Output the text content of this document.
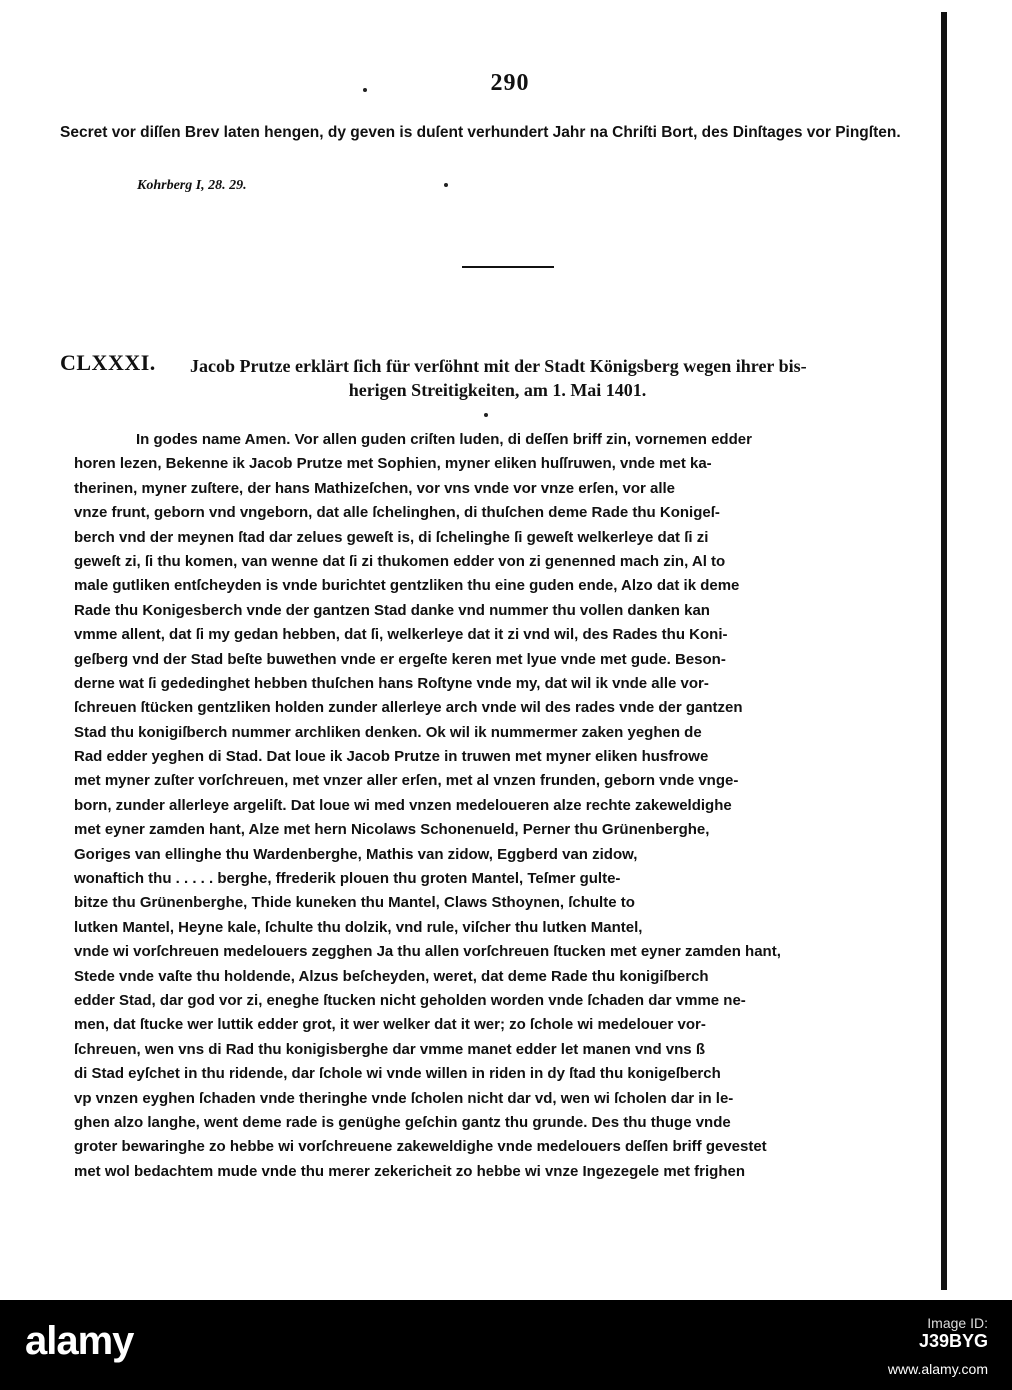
290
Secret vor diſſen Brev laten hengen, dy geven is duſent verhundert Jahr na Chriſti Bort, des Dinſtages vor Pingſten.
Kohrberg I, 28. 29.
CLXXXI. Jacob Prutze erklärt ſich für verſöhnt mit der Stadt Königsberg wegen ihrer bis-
herigen Streitigkeiten, am 1. Mai 1401.
In godes name Amen. Vor allen guden criſten luden, di deſſen briff zin, vornemen edder
horen lezen, Bekenne ik Jacob Prutze met Sophien, myner eliken huſſruwen, vnde met ka-
therinen, myner zuſtere, der hans Mathizeſchen, vor vns vnde vor vnze erſen, vor alle
vnze frunt, geborn vnd vngeborn, dat alle ſchelinghen, di thuſchen deme Rade thu Konigeſ-
berch vnd der meynen ſtad dar zelues geweſt is, di ſchelinghe ſi geweſt welkerleye dat ſi zi
geweſt zi, ſi thu komen, van wenne dat ſi zi thukomen edder von zi genenned mach zin, Al to
male gutliken entſcheyden is vnde burichtet gentzliken thu eine guden ende, Alzo dat ik deme
Rade thu Konigesberch vnde der gantzen Stad danke vnd nummer thu vollen danken kan
vmme allent, dat ſi my gedan hebben, dat ſi, welkerleye dat it zi vnd wil, des Rades thu Koni-
geſberg vnd der Stad beſte buwethen vnde er ergeſte keren met lyue vnde met gude. Beson-
derne wat ſi gededinghet hebben thuſchen hans Roſtyne vnde my, dat wil ik vnde alle vor-
ſchreuen ſtücken gentzliken holden zunder allerleye arch vnde wil des rades vnde der gantzen
Stad thu konigiſberch nummer archliken denken. Ok wil ik nummermer zaken yeghen de
Rad edder yeghen di Stad. Dat loue ik Jacob Prutze in truwen met myner eliken husfrowe
met myner zuſter vorſchreuen, met vnzer aller erſen, met al vnzen frunden, geborn vnde vnge-
born, zunder allerleye argeliſt. Dat loue wi med vnzen medeloueren alze rechte zakeweldighe
met eyner zamden hant, Alze met hern Nicolaws Schonenueld, Perner thu Grünenberghe,
Goriges van ellinghe thu Wardenberghe, Mathis van zidow, Eggberd van zidow,
wonaftich thu . . . . . berghe, ffrederik plouen thu groten Mantel, Teſmer gulte-
bitze thu Grünenberghe, Thide kuneken thu Mantel, Claws Sthoynen, ſchulte to
lutken Mantel, Heyne kale, ſchulte thu dolzik, vnd rule, viſcher thu lutken Mantel,
vnde wi vorſchreuen medelouers zegghen Ja thu allen vorſchreuen ſtucken met eyner zamden hant,
Stede vnde vaſte thu holdende, Alzus beſcheyden, weret, dat deme Rade thu konigiſberch
edder Stad, dar god vor zi, eneghe ſtucken nicht geholden worden vnde ſchaden dar vmme ne-
men, dat ſtucke wer luttik edder grot, it wer welker dat it wer; zo ſchole wi medelouer vor-
ſchreuen, wen vns di Rad thu konigisberghe dar vmme manet edder let manen vnd vns ß
di Stad eyſchet in thu ridende, dar ſchole wi vnde willen in riden in dy ſtad thu konigeſberch
vp vnzen eyghen ſchaden vnde theringhe vnde ſcholen nicht dar vd, wen wi ſcholen dar in le-
ghen alzo langhe, went deme rade is genüghe geſchin gantz thu grunde. Des thu thuge vnde
groter bewaringhe zo hebbe wi vorſchreuene zakeweldighe vnde medelouers deſſen briff gevestet
met wol bedachtem mude vnde thu merer zekericheit zo hebbe wi vnze Ingezegele met frighen
alamy	Image ID:
J39BYG
www.alamy.com
